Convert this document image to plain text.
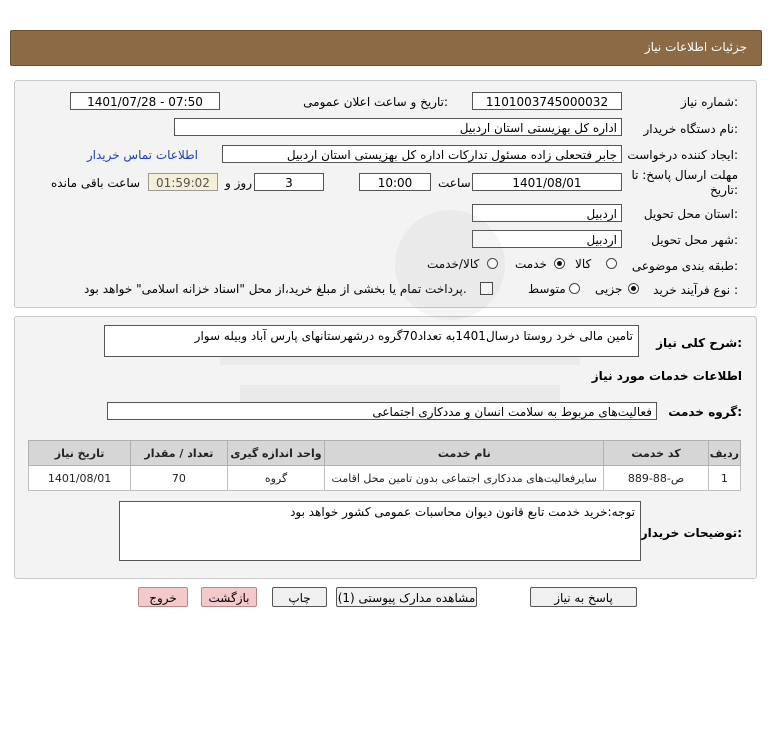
جزئیات اطلاعات نیاز
شماره نیاز:
1101003745000032
تاریخ و ساعت اعلان عمومی:
1401/07/28 - 07:50
نام دستگاه خریدار:
اداره کل بهزیستی استان اردبیل
ایجاد کننده درخواست:
جابر فتحعلی زاده مسئول تداركات اداره کل بهزیستی استان اردبیل
اطلاعات تماس خریدار
مهلت ارسال پاسخ: تا تاریخ:
1401/08/01
ساعت
10:00
3
روز و
01:59:02
ساعت باقی مانده
استان محل تحویل:
اردبیل
شهر محل تحویل:
اردبیل
طبقه بندی موضوعی:
کالا
خدمت
کالا/خدمت
نوع فرآیند خرید :
جزیی
متوسط
پرداخت تمام یا بخشی از مبلغ خرید،از محل "اسناد خزانه اسلامی" خواهد بود.
شرح کلی نیاز:
تامین مالی خرد روستا درسال1401به تعداد70گروه درشهرستانهای پارس آباد وبیله سوار
اطلاعات خدمات مورد نیاز
گروه خدمت:
فعالیت‌های مربوط به سلامت انسان و مددکاری اجتماعی
ردیف	کد خدمت	نام خدمت	واحد اندازه گیری	تعداد / مقدار	تاریخ نیاز
1	ص-88-889	سایرفعالیت‌های مددکاری اجتماعی بدون تامین محل اقامت	گروه	70	1401/08/01
توضیحات خریدار:
توجه:خرید خدمت تابع قانون دیوان محاسبات عمومی کشور خواهد بود
پاسخ به نیاز
مشاهده مدارک پیوستی (1)
چاپ
بازگشت
خروج
